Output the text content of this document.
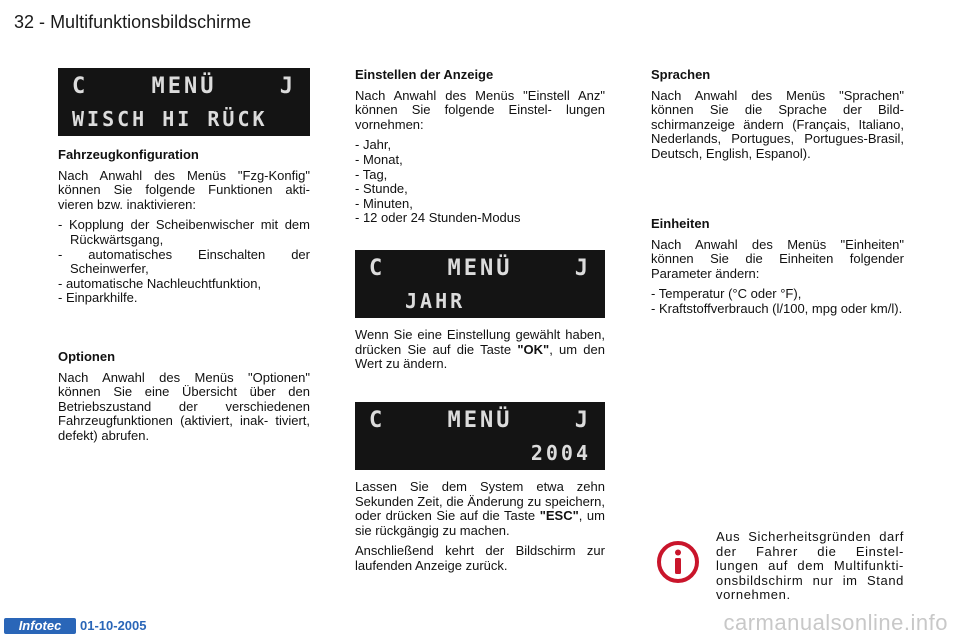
32 - Multifunktionsbildschirme
C	MENÜ	J
WISCH HI RÜCK
Fahrzeugkonfiguration

Nach Anwahl des Menüs "Fzg-Konfig" können Sie folgende Funktionen akti- vieren bzw. inaktivieren:

- Kopplung der Scheibenwischer mit dem Rückwärtsgang,
- automatisches Einschalten der Scheinwerfer,
- automatische Nachleuchtfunktion,
- Einparkhilfe.
Optionen

Nach Anwahl des Menüs "Optionen" können Sie eine Übersicht über den Betriebszustand der verschiedenen Fahrzeugfunktionen (aktiviert, inak- tiviert, defekt) abrufen.

Einstellen der Anzeige

Nach Anwahl des Menüs "Einstell Anz" können Sie folgende Einstel- lungen vornehmen:

- Jahr,
- Monat,
- Tag,
- Stunde,
- Minuten,
- 12 oder 24 Stunden-Modus
C	MENÜ	J
JAHR

Wenn Sie eine Einstellung gewählt haben, drücken Sie auf die Taste "OK", um den Wert zu ändern.

C	MENÜ	J
2004

Lassen Sie dem System etwa zehn Sekunden Zeit, die Änderung zu speichern, oder drücken Sie auf die Taste "ESC", um sie rückgängig zu machen.

Anschließend kehrt der Bildschirm zur laufenden Anzeige zurück.

Sprachen

Nach Anwahl des Menüs "Sprachen" können Sie die Sprache der Bild- schirmanzeige ändern (Français, Italiano, Nederlands, Portugues, Portugues-Brasil, Deutsch, English, Espanol).

Einheiten

Nach Anwahl des Menüs "Einheiten" können Sie die Einheiten folgender Parameter ändern:

- Temperatur (°C oder °F),
- Kraftstoffverbrauch (l/100, mpg oder km/l).
Aus Sicherheitsgründen darf der Fahrer die Einstel- lungen auf dem Multifunkti- onsbildschirm nur im Stand vornehmen.
Infotec	01-10-2005	carmanualsonline.info
